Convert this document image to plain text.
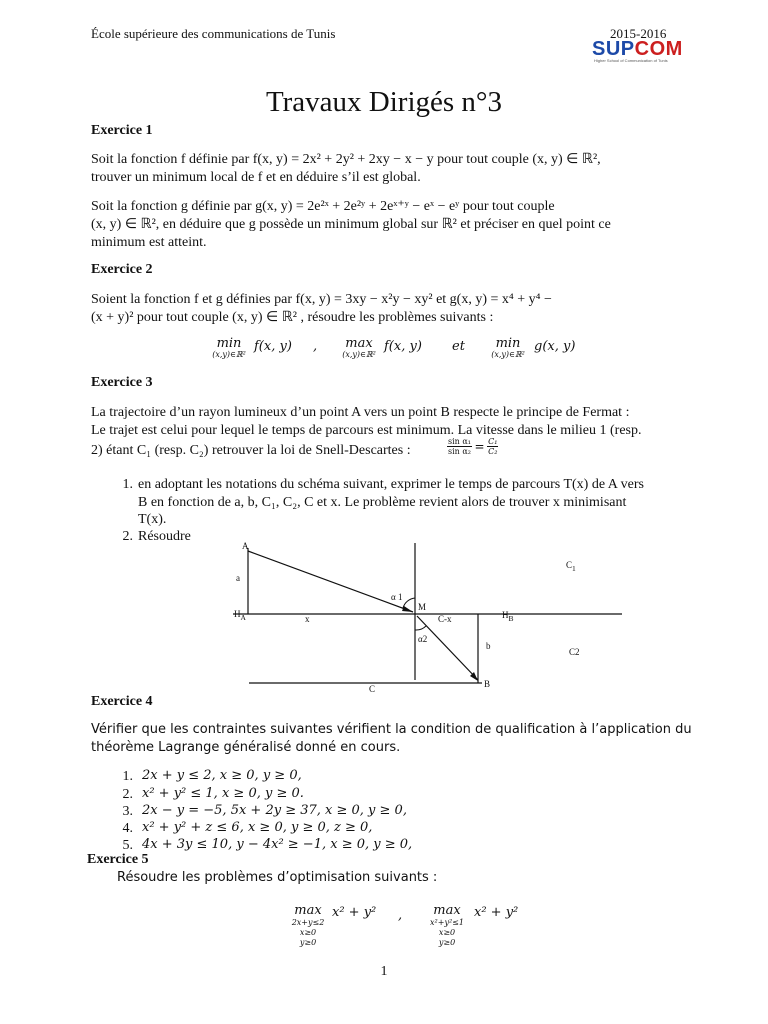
École supérieure des communications de Tunis	2015-2016
SUPCOM
Higher School of Communication of Tunis
Travaux Dirigés n°3
Exercice 1
Soit la fonction f définie par f(x, y) = 2x² + 2y² + 2xy − x − y pour tout couple (x, y) ∈ ℝ²,
trouver un minimum local de f et en déduire s’il est global.
Soit la fonction g définie par g(x, y) = 2e²ˣ + 2e²ʸ + 2eˣ⁺ʸ − eˣ − eʸ pour tout couple
(x, y) ∈ ℝ², en déduire que g possède un minimum global sur ℝ² et préciser en quel point ce
minimum est atteint.
Exercice 2
Soient la fonction f et g définies par f(x, y) = 3xy − x²y − xy² et g(x, y) = x⁴ + y⁴ −
(x + y)² pour tout couple (x, y) ∈ ℝ² , résoudre les problèmes suivants :
min
(x,y)∈ℝ²
f(x, y) ,	max
(x,y)∈ℝ²
f(x, y) et	min
(x,y)∈ℝ²
g(x, y)
Exercice 3
La trajectoire d’un rayon lumineux d’un point A vers un point B respecte le principe de Fermat :
Le trajet est celui pour lequel le temps de parcours est minimum. La vitesse dans le milieu 1 (resp.
2) étant C₁ (resp. C₂) retrouver la loi de Snell-Descartes :	$\frac{\text{sin α₁}}{\text{sin α₂}} = \frac{\text{C₁}}{\text{C₂}}$
1. en adoptant les notations du schéma suivant, exprimer le temps de parcours T(x) de A vers
B en fonction de a, b, C₁, C₂, C et x. Le problème revient alors de trouver x minimisant
T(x).
2. Résoudre
A
a
α 1
M
$H_A$	x	C-x	$H_B$
α2
b
B
C
$C_1$
C2
Exercice 4
Vérifier que les contraintes suivantes vérifient la condition de qualification à l’application du
théorème Lagrange généralisé donné en cours.
1. 2x + y ≤ 2, x ≥ 0, y ≥ 0,
2. x² + y² ≤ 1, x ≥ 0, y ≥ 0.
3. 2x − y = −5, 5x + 2y ≥ 37, x ≥ 0, y ≥ 0,
4. x² + y² + z ≤ 6, x ≥ 0, y ≥ 0, z ≥ 0,
5. 4x + 3y ≤ 10, y − 4x² ≥ −1, x ≥ 0, y ≥ 0,
Exercice 5
Résoudre les problèmes d’optimisation suivants :
max
2x+y≤2
x≥0
y≥0
x² + y² ,	max
x²+y²≤1
x≥0
y≥0
x² + y²
1
